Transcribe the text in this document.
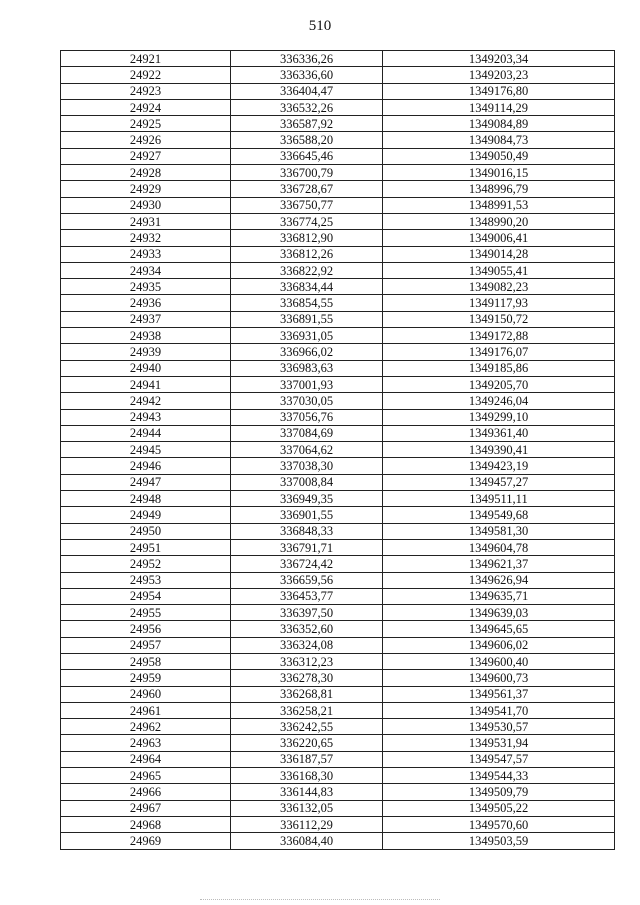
510
24921	336336,26	1349203,34
24922	336336,60	1349203,23
24923	336404,47	1349176,80
24924	336532,26	1349114,29
24925	336587,92	1349084,89
24926	336588,20	1349084,73
24927	336645,46	1349050,49
24928	336700,79	1349016,15
24929	336728,67	1348996,79
24930	336750,77	1348991,53
24931	336774,25	1348990,20
24932	336812,90	1349006,41
24933	336812,26	1349014,28
24934	336822,92	1349055,41
24935	336834,44	1349082,23
24936	336854,55	1349117,93
24937	336891,55	1349150,72
24938	336931,05	1349172,88
24939	336966,02	1349176,07
24940	336983,63	1349185,86
24941	337001,93	1349205,70
24942	337030,05	1349246,04
24943	337056,76	1349299,10
24944	337084,69	1349361,40
24945	337064,62	1349390,41
24946	337038,30	1349423,19
24947	337008,84	1349457,27
24948	336949,35	1349511,11
24949	336901,55	1349549,68
24950	336848,33	1349581,30
24951	336791,71	1349604,78
24952	336724,42	1349621,37
24953	336659,56	1349626,94
24954	336453,77	1349635,71
24955	336397,50	1349639,03
24956	336352,60	1349645,65
24957	336324,08	1349606,02
24958	336312,23	1349600,40
24959	336278,30	1349600,73
24960	336268,81	1349561,37
24961	336258,21	1349541,70
24962	336242,55	1349530,57
24963	336220,65	1349531,94
24964	336187,57	1349547,57
24965	336168,30	1349544,33
24966	336144,83	1349509,79
24967	336132,05	1349505,22
24968	336112,29	1349570,60
24969	336084,40	1349503,59
